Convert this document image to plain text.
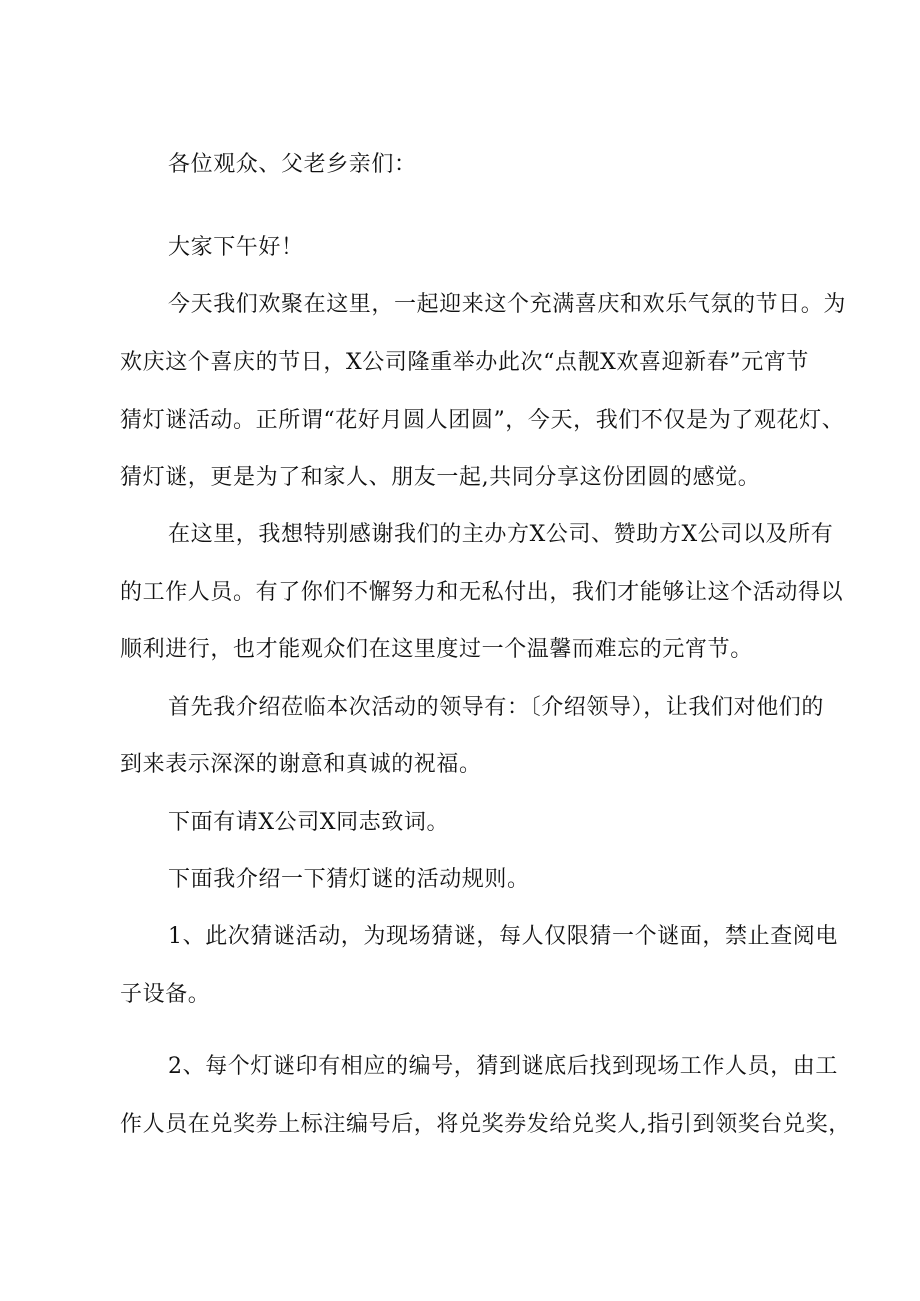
各位观众、父老乡亲们：
大家下午好！
今天我们欢聚在这里，一起迎来这个充满喜庆和欢乐气氛的节日。为
欢庆这个喜庆的节日，X公司隆重举办此次“点靓X欢喜迎新春”元宵节
猜灯谜活动。正所谓“花好月圆人团圆”，今天，我们不仅是为了观花灯、
猜灯谜，更是为了和家人、朋友一起,共同分享这份团圆的感觉。
在这里，我想特别感谢我们的主办方X公司、赞助方X公司以及所有
的工作人员。有了你们不懈努力和无私付出，我们才能够让这个活动得以
顺利进行，也才能观众们在这里度过一个温馨而难忘的元宵节。
首先我介绍莅临本次活动的领导有：〔介绍领导），让我们对他们的
到来表示深深的谢意和真诚的祝福。
下面有请X公司X同志致词。
下面我介绍一下猜灯谜的活动规则。
1、此次猜谜活动，为现场猜谜，每人仅限猜一个谜面，禁止查阅电
子设备。
2、每个灯谜印有相应的编号，猜到谜底后找到现场工作人员，由工
作人员在兑奖券上标注编号后，将兑奖券发给兑奖人,指引到领奖台兑奖，
